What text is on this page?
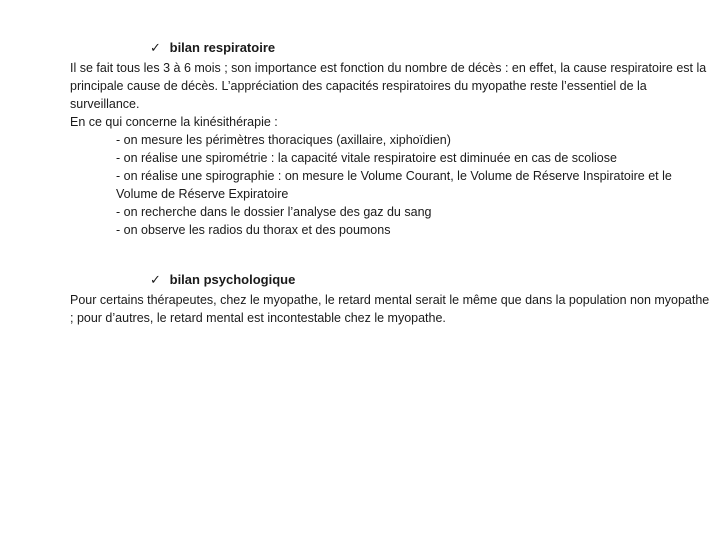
✓ bilan respiratoire

Il se fait tous les 3 à 6 mois ; son importance est fonction du nombre de décès : en effet, la cause respiratoire est la principale cause de décès. L’appréciation des capacités respiratoires du myopathe reste l’essentiel de la surveillance.

En ce qui concerne la kinésithérapie :

- on mesure les périmètres thoraciques (axillaire, xiphoïdien)
- on réalise une spirométrie : la capacité vitale respiratoire est diminuée en cas de scoliose
- on réalise une spirographie : on mesure le Volume Courant, le Volume de Réserve Inspiratoire et le Volume de Réserve Expiratoire
- on recherche dans le dossier l’analyse des gaz du sang
- on observe les radios du thorax et des poumons
✓ bilan psychologique

Pour certains thérapeutes, chez le myopathe, le retard mental serait le même que dans la population non myopathe ; pour d’autres, le retard mental est incontestable chez le myopathe.
